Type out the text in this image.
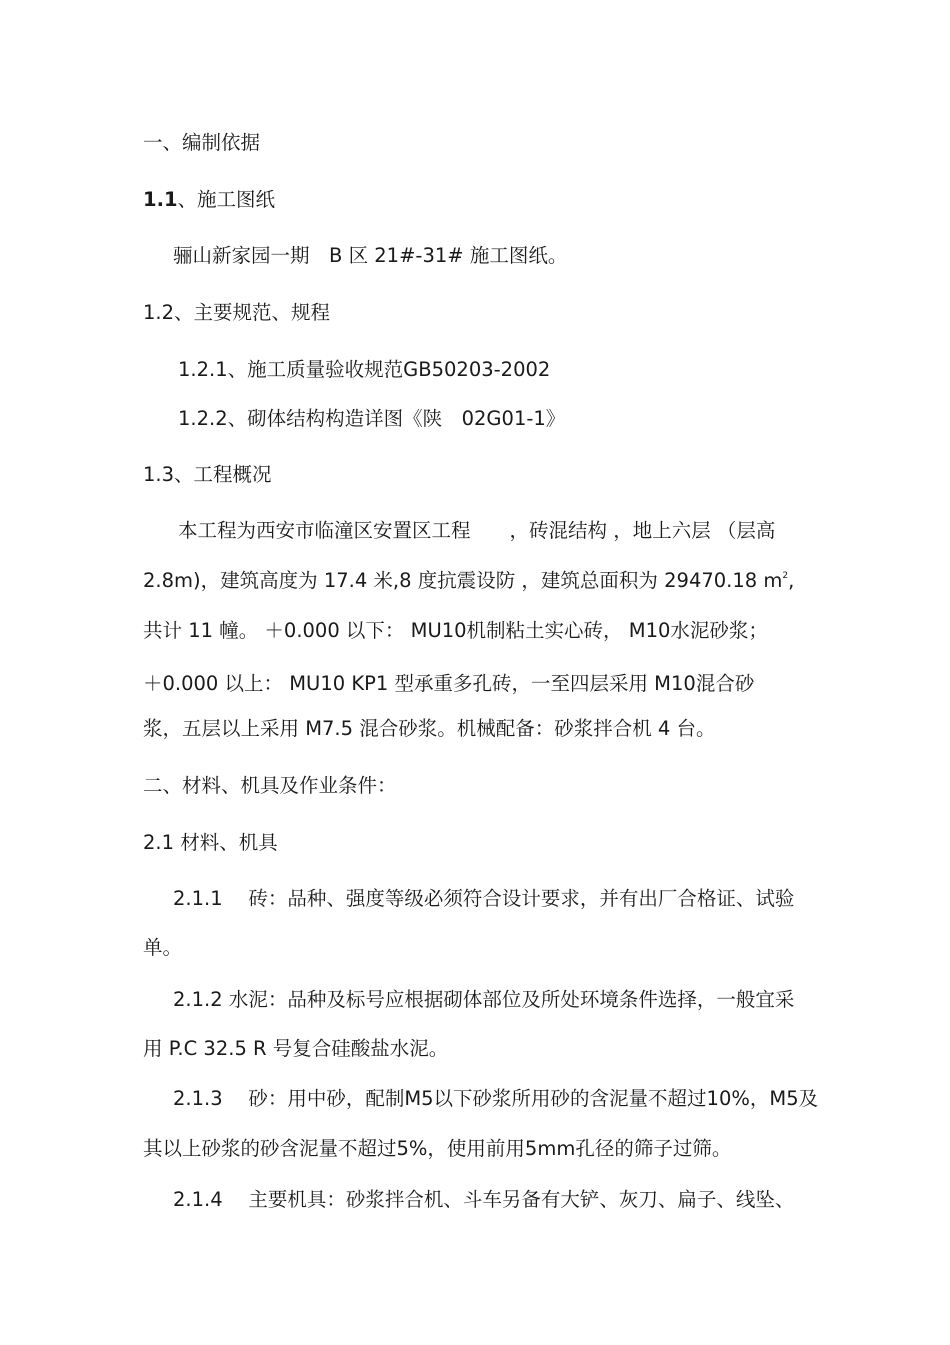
一、编制依据
1.1、施工图纸
骊山新家园一期　B 区 21#-31# 施工图纸。
1.2、主要规范、规程
1.2.1、施工质量验收规范GB50203-2002
1.2.2、砌体结构构造详图《陕　02G01-1》
1.3、工程概况
本工程为西安市临潼区安置区工程　　，砖混结构 ，地上六层 （层高
2.8m)，建筑高度为 17.4 米,8 度抗震设防 ，建筑总面积为 29470.18 $m^2$,
共计 11 幢。 ＋0.000 以下： MU10机制粘土实心砖， M10水泥砂浆；
＋0.000 以上： MU10 KP1 型承重多孔砖，一至四层采用 M10混合砂
浆，五层以上采用 M7.5 混合砂浆。机械配备：砂浆拌合机 4 台。
二、材料、机具及作业条件：
2.1 材料、机具
2.1.1　 砖：品种、强度等级必须符合设计要求，并有出厂合格证、试验
单。
2.1.2 水泥：品种及标号应根据砌体部位及所处环境条件选择，一般宜采
用 P.C 32.5 R 号复合硅酸盐水泥。
2.1.3　 砂：用中砂，配制M5以下砂浆所用砂的含泥量不超过10%，M5及
其以上砂浆的砂含泥量不超过5%，使用前用5mm孔径的筛子过筛。
2.1.4　 主要机具：砂浆拌合机、斗车另备有大铲、灰刀、扁子、线坠、
